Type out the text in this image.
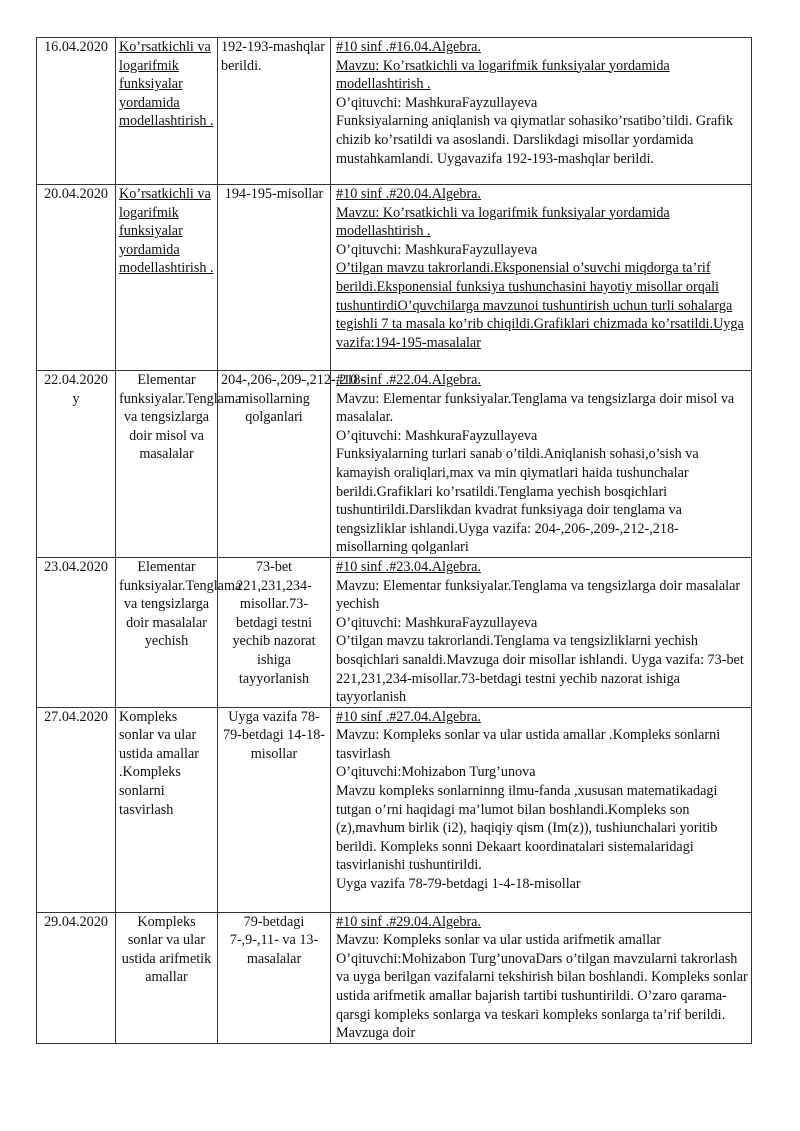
16.04.2020	Ko’rsatkichli va logarifmik funksiyalar yordamida modellashtirish .	192-193-mashqlar berildi.	#10 sinf .#16.04.Algebra.
Mavzu: Ko’rsatkichli va logarifmik funksiyalar yordamida modellashtirish .
O’qituvchi: MashkuraFayzullayeva
Funksiyalarning aniqlanish va qiymatlar sohasiko’rsatibo’tildi. Grafik chizib ko’rsatildi va asoslandi. Darslikdagi misollar yordamida mustahkamlandi. Uygavazifa 192-193-mashqlar berildi.

20.04.2020	Ko’rsatkichli va logarifmik funksiyalar yordamida modellashtirish .	194-195-misollar	#10 sinf .#20.04.Algebra.
Mavzu: Ko’rsatkichli va logarifmik funksiyalar yordamida modellashtirish .
O’qituvchi: MashkuraFayzullayeva
O’tilgan mavzu takrorlandi.Eksponensial o’suvchi miqdorga ta’rif berildi.Eksponensial funksiya tushunchasini hayotiy misollar orqali tushuntirdiO’quvchilarga mavzunoi tushuntirish uchun turli sohalarga tegishli 7 ta masala ko’rib chiqildi.Grafiklari chizmada ko’rsatildi.Uyga vazifa:194-195-masalalar

22.04.2020 y	Elementar funksiyalar.Tenglama va tengsizlarga doir misol va masalalar	204-,206-,209-,212-,218-misollarning qolganlari	#10 sinf .#22.04.Algebra.
Mavzu: Elementar funksiyalar.Tenglama va tengsizlarga doir misol va masalalar.
O’qituvchi: MashkuraFayzullayeva
Funksiyalarning turlari sanab o’tildi.Aniqlanish sohasi,o’sish va kamayish oraliqlari,max va min qiymatlari haida tushunchalar berildi.Grafiklari ko’rsatildi.Tenglama yechish bosqichlari tushuntirildi.Darslikdan kvadrat funksiyaga doir tenglama va tengsizliklar ishlandi.Uyga vazifa: 204-,206-,209-,212-,218-misollarning qolganlari

23.04.2020	Elementar funksiyalar.Tenglama va tengsizlarga doir masalalar yechish	73-bet 221,231,234-misollar.73-betdagi testni yechib nazorat ishiga tayyorlanish	#10 sinf .#23.04.Algebra.
Mavzu: Elementar funksiyalar.Tenglama va tengsizlarga doir masalalar yechish
O’qituvchi: MashkuraFayzullayeva
O’tilgan mavzu takrorlandi.Tenglama va tengsizliklarni yechish bosqichlari sanaldi.Mavzuga doir misollar ishlandi. Uyga vazifa: 73-bet 221,231,234-misollar.73-betdagi testni yechib nazorat ishiga tayyorlanish

27.04.2020	Kompleks sonlar va ular ustida amallar .Kompleks sonlarni tasvirlash	Uyga vazifa 78-79-betdagi 14-18-misollar	#10 sinf .#27.04.Algebra.
Mavzu: Kompleks sonlar va ular ustida amallar .Kompleks sonlarni tasvirlash
O’qituvchi:Mohizabon Turg’unova
Mavzu kompleks sonlarninng ilmu-fanda ,xususan matematikadagi tutgan o’rni haqidagi ma’lumot bilan boshlandi.Kompleks son (z),mavhum birlik (i2), haqiqiy qism (Im(z)), tushiunchalari yoritib berildi. Kompleks sonni Dekaart koordinatalari sistemalaridagi tasvirlanishi tushuntirildi.
Uyga vazifa 78-79-betdagi 1-4-18-misollar

29.04.2020	Kompleks sonlar va ular ustida arifmetik amallar	79-betdagi 7-,9-,11- va 13-masalalar	#10 sinf .#29.04.Algebra.
Mavzu: Kompleks sonlar va ular ustida arifmetik amallar
O’qituvchi:Mohizabon Turg’unovaDars o’tilgan mavzularni takrorlash va uyga berilgan vazifalarni tekshirish bilan boshlandi. Kompleks sonlar ustida arifmetik amallar bajarish tartibi tushuntirildi. O’zaro qarama-qarsgi kompleks sonlarga va teskari kompleks sonlarga ta’rif berildi. Mavzuga doir
